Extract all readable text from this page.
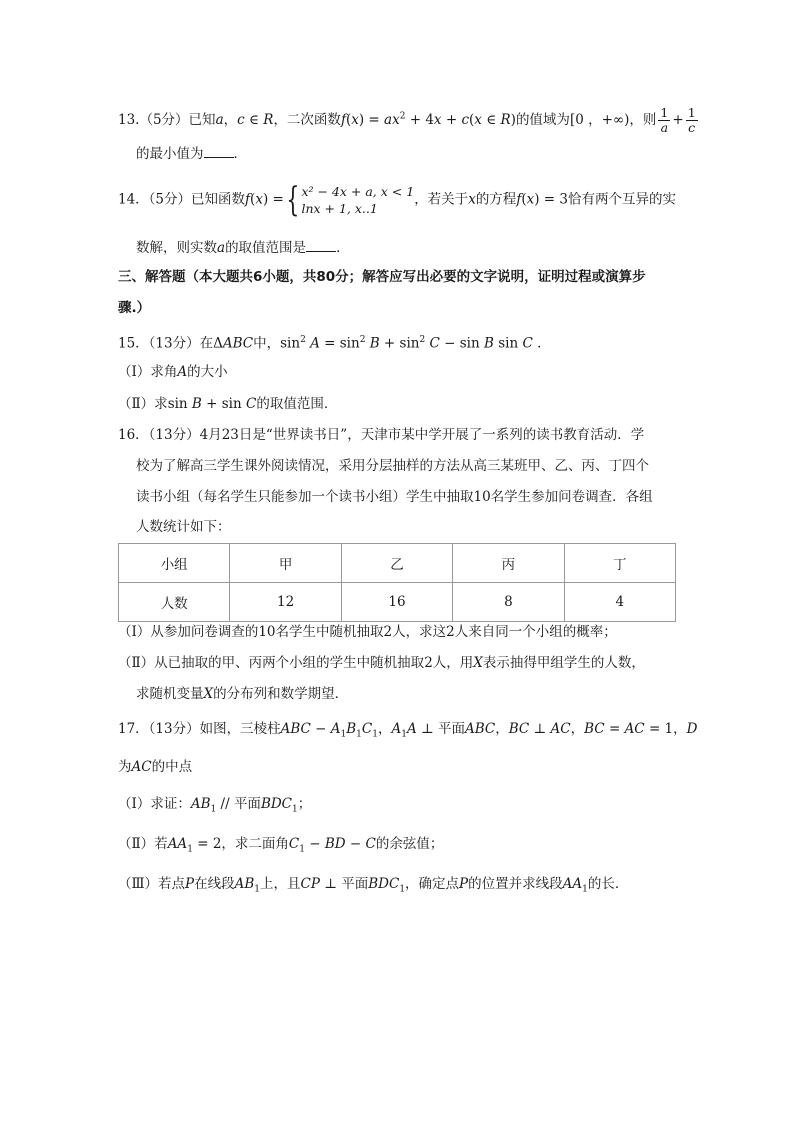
13.（5分）已知a，c ∈ R，二次函数$f(x) = ax^2 + 4x + c(x$ ∈ R)的值域为[0 ，+∞)，则 $\frac{1}{a} + \frac{1}{c}$
的最小值为 ．
14．（5分）已知函数f(x) ={ x² − 4x + a, x < 1
lnx + 1, x..1
，若关于x的方程f(x) = 3恰有两个互异的实
数解，则实数a的取值范围是 ．
三、解答题（本大题共6小题，共80分；解答应写出必要的文字说明，证明过程或演算步
骤.）
15．（13分）在ΔABC中，$\sin^2 A = \sin^2 B + \sin^2 C - \sin B$ sin C ．
（Ⅰ）求角A的大小
（Ⅱ）求sin B + sin C的取值范围．
16．（13分）4月23日是“世界读书日”，天津市某中学开展了一系列的读书教育活动．学
校为了解高三学生课外阅读情况，采用分层抽样的方法从高三某班甲、乙、丙、丁四个
读书小组（每名学生只能参加一个读书小组）学生中抽取10名学生参加问卷调查．各组
人数统计如下：
小组	甲	乙	丙	丁
人数	12	16	8	4
（Ⅰ）从参加问卷调查的10名学生中随机抽取2人，求这2人来自同一个小组的概率；
（Ⅱ）从已抽取的甲、丙两个小组的学生中随机抽取2人，用X表示抽得甲组学生的人数，
求随机变量X的分布列和数学期望．
17．（13分）如图，三棱柱ABC − $A_1B_1C_1$，$A_1A$ ⊥ 平面ABC，BC ⊥ AC，BC = AC = 1，D
为AC的中点
（Ⅰ）求证：$AB_1$ // 平面$BDC_1$；
（Ⅱ）若$AA_1 = 2$，求二面角$C_1$ − BD − C的余弦值；
（Ⅲ）若点P在线段$AB_1$上，且CP ⊥ 平面$BDC_1$，确定点P的位置并求线段$AA_1$的长．
